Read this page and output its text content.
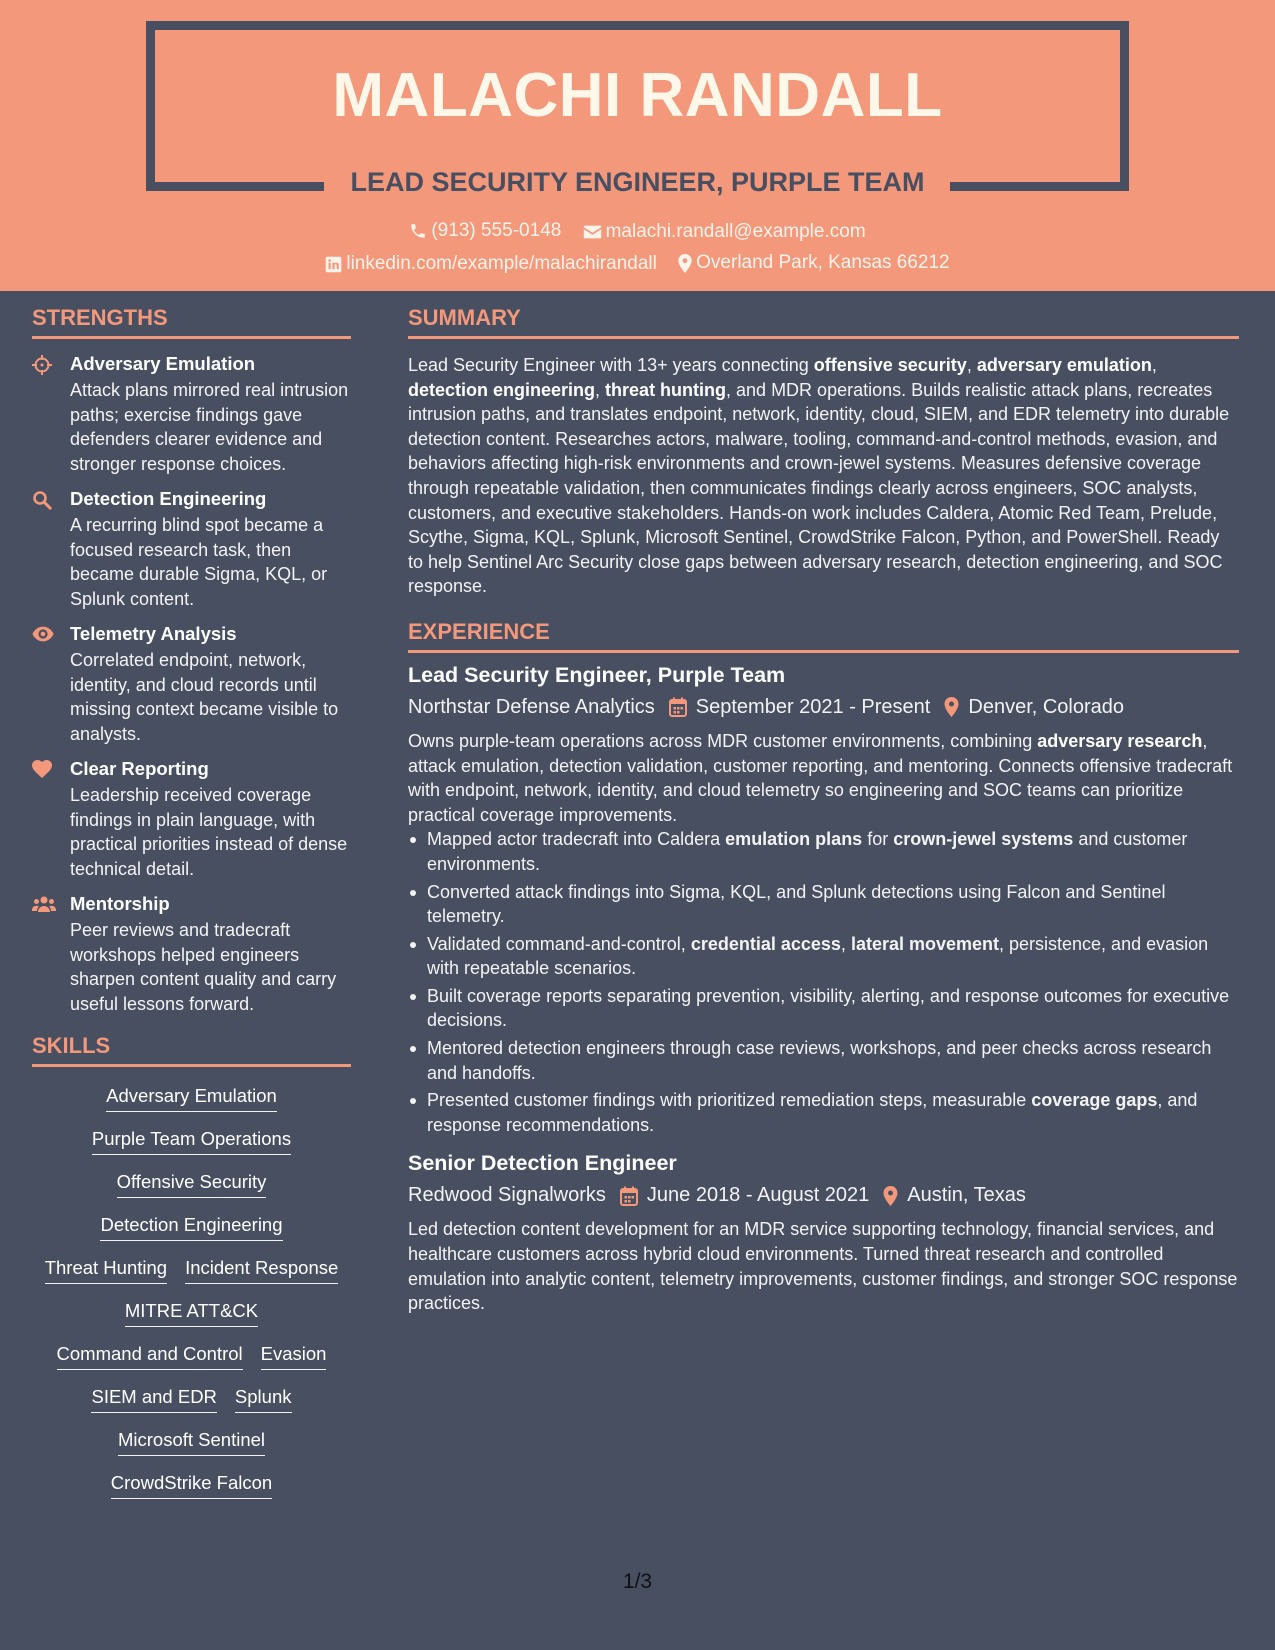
MALACHI RANDALL
LEAD SECURITY ENGINEER, PURPLE TEAM
(913) 555-0148
malachi.randall@example.com
linkedin.com/example/malachirandall
Overland Park, Kansas 66212
STRENGTHS
Adversary Emulation
Attack plans mirrored real intrusion paths; exercise findings gave defenders clearer evidence and stronger response choices.
Detection Engineering
A recurring blind spot became a focused research task, then became durable Sigma, KQL, or Splunk content.
Telemetry Analysis
Correlated endpoint, network, identity, and cloud records until missing context became visible to analysts.
Clear Reporting
Leadership received coverage findings in plain language, with practical priorities instead of dense technical detail.
Mentorship
Peer reviews and tradecraft workshops helped engineers sharpen content quality and carry useful lessons forward.
SKILLS
Adversary Emulation
Purple Team Operations
Offensive Security
Detection Engineering
Threat Hunting Incident Response
MITRE ATT&CK
Command and Control Evasion
SIEM and EDR Splunk
Microsoft Sentinel
CrowdStrike Falcon
SUMMARY
Lead Security Engineer with 13+ years connecting offensive security, adversary emulation, detection engineering, threat hunting, and MDR operations. Builds realistic attack plans, recreates intrusion paths, and translates endpoint, network, identity, cloud, SIEM, and EDR telemetry into durable detection content. Researches actors, malware, tooling, command-and-control methods, evasion, and behaviors affecting high-risk environments and crown-jewel systems. Measures defensive coverage through repeatable validation, then communicates findings clearly across engineers, SOC analysts, customers, and executive stakeholders. Hands-on work includes Caldera, Atomic Red Team, Prelude, Scythe, Sigma, KQL, Splunk, Microsoft Sentinel, CrowdStrike Falcon, Python, and PowerShell. Ready to help Sentinel Arc Security close gaps between adversary research, detection engineering, and SOC response.
EXPERIENCE
Lead Security Engineer, Purple Team
Northstar Defense Analytics September 2021 - Present Denver, Colorado
Owns purple-team operations across MDR customer environments, combining adversary research, attack emulation, detection validation, customer reporting, and mentoring. Connects offensive tradecraft with endpoint, network, identity, and cloud telemetry so engineering and SOC teams can prioritize practical coverage improvements.
Mapped actor tradecraft into Caldera emulation plans for crown-jewel systems and customer environments.
Converted attack findings into Sigma, KQL, and Splunk detections using Falcon and Sentinel telemetry.
Validated command-and-control, credential access, lateral movement, persistence, and evasion with repeatable scenarios.
Built coverage reports separating prevention, visibility, alerting, and response outcomes for executive decisions.
Mentored detection engineers through case reviews, workshops, and peer checks across research and handoffs.
Presented customer findings with prioritized remediation steps, measurable coverage gaps, and response recommendations.
Senior Detection Engineer
Redwood Signalworks June 2018 - August 2021 Austin, Texas
Led detection content development for an MDR service supporting technology, financial services, and healthcare customers across hybrid cloud environments. Turned threat research and controlled emulation into analytic content, telemetry improvements, customer findings, and stronger SOC response practices.
1/3
